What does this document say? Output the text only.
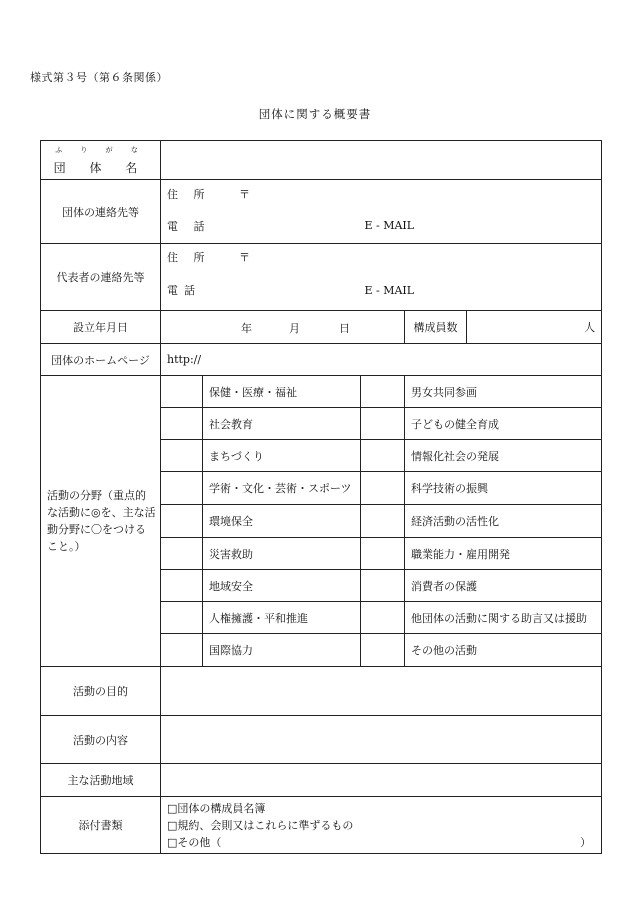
様式第３号（第６条関係）
団体に関する概要書
ふ り が な
団 体 名					
団体の連絡先等	住 所 〒
電 話 E - MAIL				

代表者の連絡先等	住 所 〒
電話 E - MAIL				

設立年月日	年 月 日			構成員数	人
団体のホームページ	http://				
活動の分野（重点的な活動に◎を、主な活動分野に〇をつけること。）		保健・医療・福祉		男女共同参画	
		社会教育		子どもの健全育成	
		まちづくり		情報化社会の発展	
		学術・文化・芸術・スポーツ		科学技術の振興	
		環境保全		経済活動の活性化	
		災害救助		職業能力・雇用開発	
		地域安全		消費者の保護	
		人権擁護・平和推進		他団体の活動に関する助言又は援助	
		国際協力		その他の活動	
活動の目的					
活動の内容					
主な活動地域					
添付書類	□団体の構成員名簿
□規約、会則又はこれらに準ずるもの
□その他（ ）				
